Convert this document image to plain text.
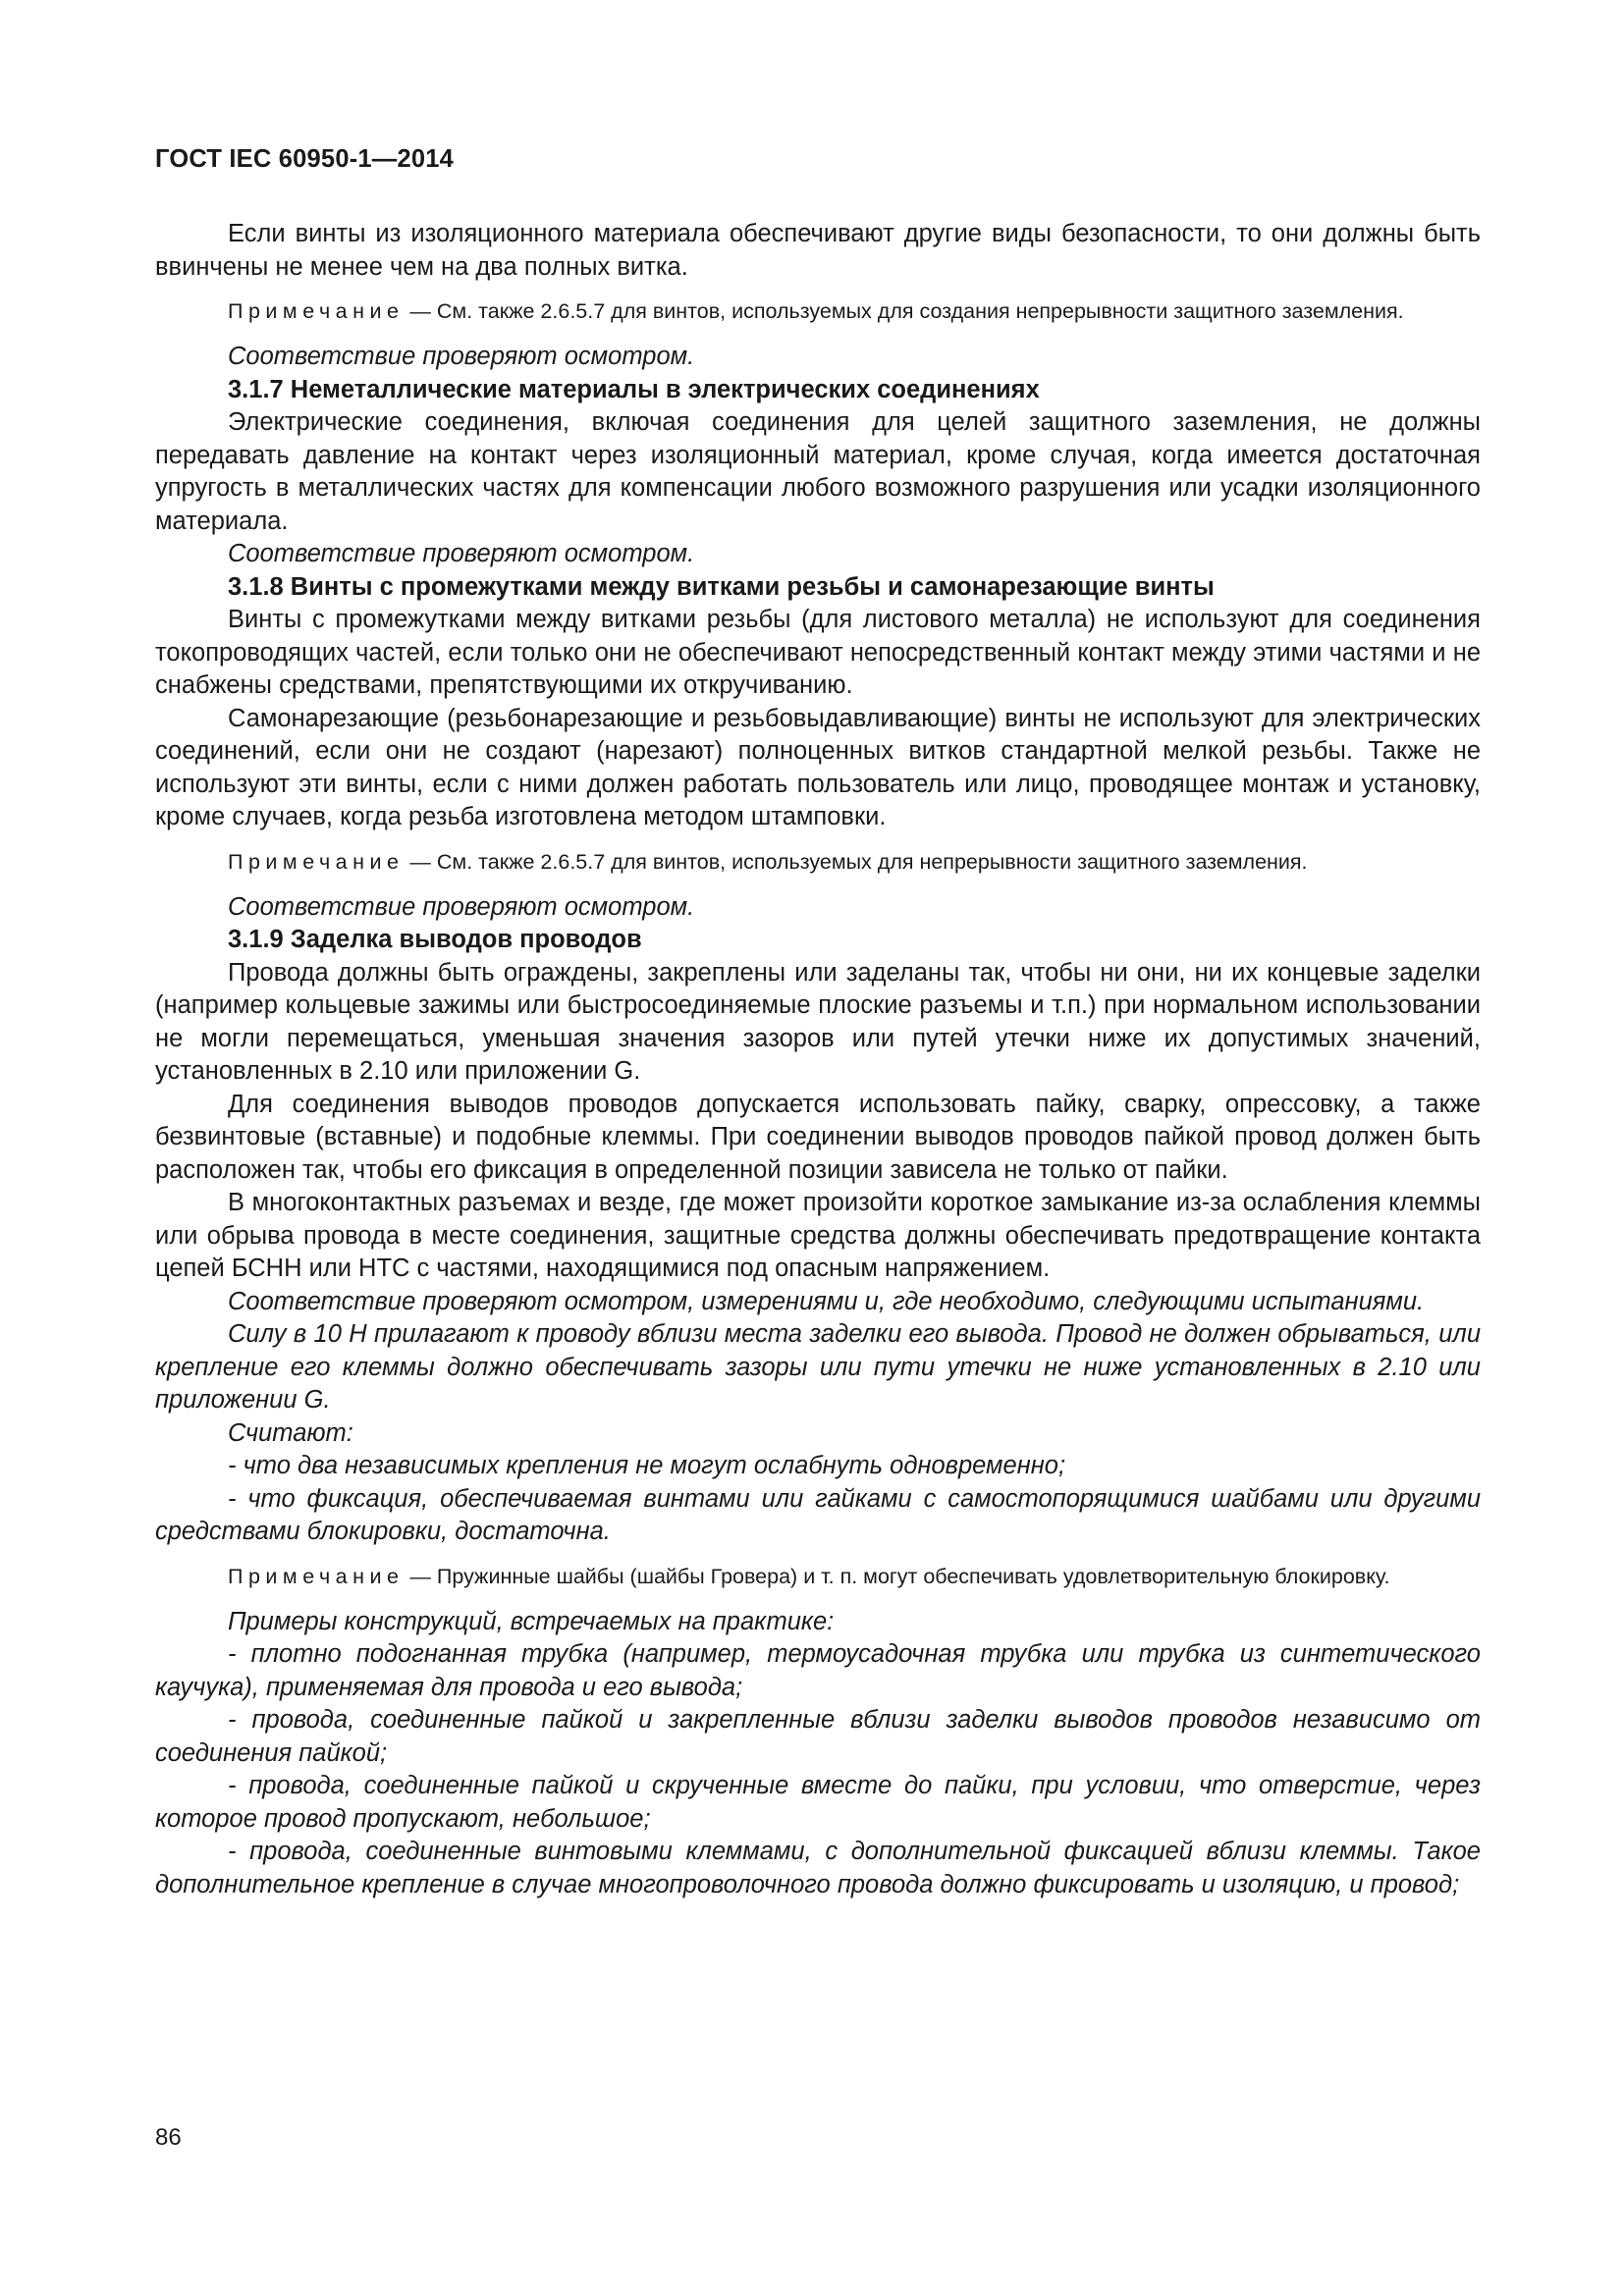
ГОСТ IEC 60950-1—2014

Если винты из изоляционного материала обеспечивают другие виды безопасности, то они должны быть ввинчены не менее чем на два полных витка.

Примечание — См. также 2.6.5.7 для винтов, используемых для создания непрерывности защитного заземления.

Соответствие проверяют осмотром.

3.1.7 Неметаллические материалы в электрических соединениях

Электрические соединения, включая соединения для целей защитного заземления, не должны передавать давление на контакт через изоляционный материал, кроме случая, когда имеется достаточная упругость в металлических частях для компенсации любого возможного разрушения или усадки изоляционного материала.

Соответствие проверяют осмотром.

3.1.8 Винты с промежутками между витками резьбы и самонарезающие винты

Винты с промежутками между витками резьбы (для листового металла) не используют для соединения токопроводящих частей, если только они не обеспечивают непосредственный контакт между этими частями и не снабжены средствами, препятствующими их откручиванию.

Самонарезающие (резьбонарезающие и резьбовыдавливающие) винты не используют для электрических соединений, если они не создают (нарезают) полноценных витков стандартной мелкой резьбы. Также не используют эти винты, если с ними должен работать пользователь или лицо, проводящее монтаж и установку, кроме случаев, когда резьба изготовлена методом штамповки.

Примечание — См. также 2.6.5.7 для винтов, используемых для непрерывности защитного заземления.

Соответствие проверяют осмотром.

3.1.9 Заделка выводов проводов

Провода должны быть ограждены, закреплены или заделаны так, чтобы ни они, ни их концевые заделки (например кольцевые зажимы или быстросоединяемые плоские разъемы и т.п.) при нормальном использовании не могли перемещаться, уменьшая значения зазоров или путей утечки ниже их допустимых значений, установленных в 2.10 или приложении G.

Для соединения выводов проводов допускается использовать пайку, сварку, опрессовку, а также безвинтовые (вставные) и подобные клеммы. При соединении выводов проводов пайкой провод должен быть расположен так, чтобы его фиксация в определенной позиции зависела не только от пайки.

В многоконтактных разъемах и везде, где может произойти короткое замыкание из-за ослабления клеммы или обрыва провода в месте соединения, защитные средства должны обеспечивать предотвращение контакта цепей БСНН или НТС с частями, находящимися под опасным напряжением.

Соответствие проверяют осмотром, измерениями и, где необходимо, следующими испытаниями.

Силу в 10 Н прилагают к проводу вблизи места заделки его вывода. Провод не должен обрываться, или крепление его клеммы должно обеспечивать зазоры или пути утечки не ниже установленных в 2.10 или приложении G.

Считают:

- что два независимых крепления не могут ослабнуть одновременно;

- что фиксация, обеспечиваемая винтами или гайками с самостопорящимися шайбами или другими средствами блокировки, достаточна.

Примечание — Пружинные шайбы (шайбы Гровера) и т. п. могут обеспечивать удовлетворительную блокировку.

Примеры конструкций, встречаемых на практике:

- плотно подогнанная трубка (например, термоусадочная трубка или трубка из синтетического каучука), применяемая для провода и его вывода;

- провода, соединенные пайкой и закрепленные вблизи заделки выводов проводов независимо от соединения пайкой;

- провода, соединенные пайкой и скрученные вместе до пайки, при условии, что отверстие, через которое провод пропускают, небольшое;

- провода, соединенные винтовыми клеммами, с дополнительной фиксацией вблизи клеммы. Такое дополнительное крепление в случае многопроволочного провода должно фиксировать и изоляцию, и провод;

86
